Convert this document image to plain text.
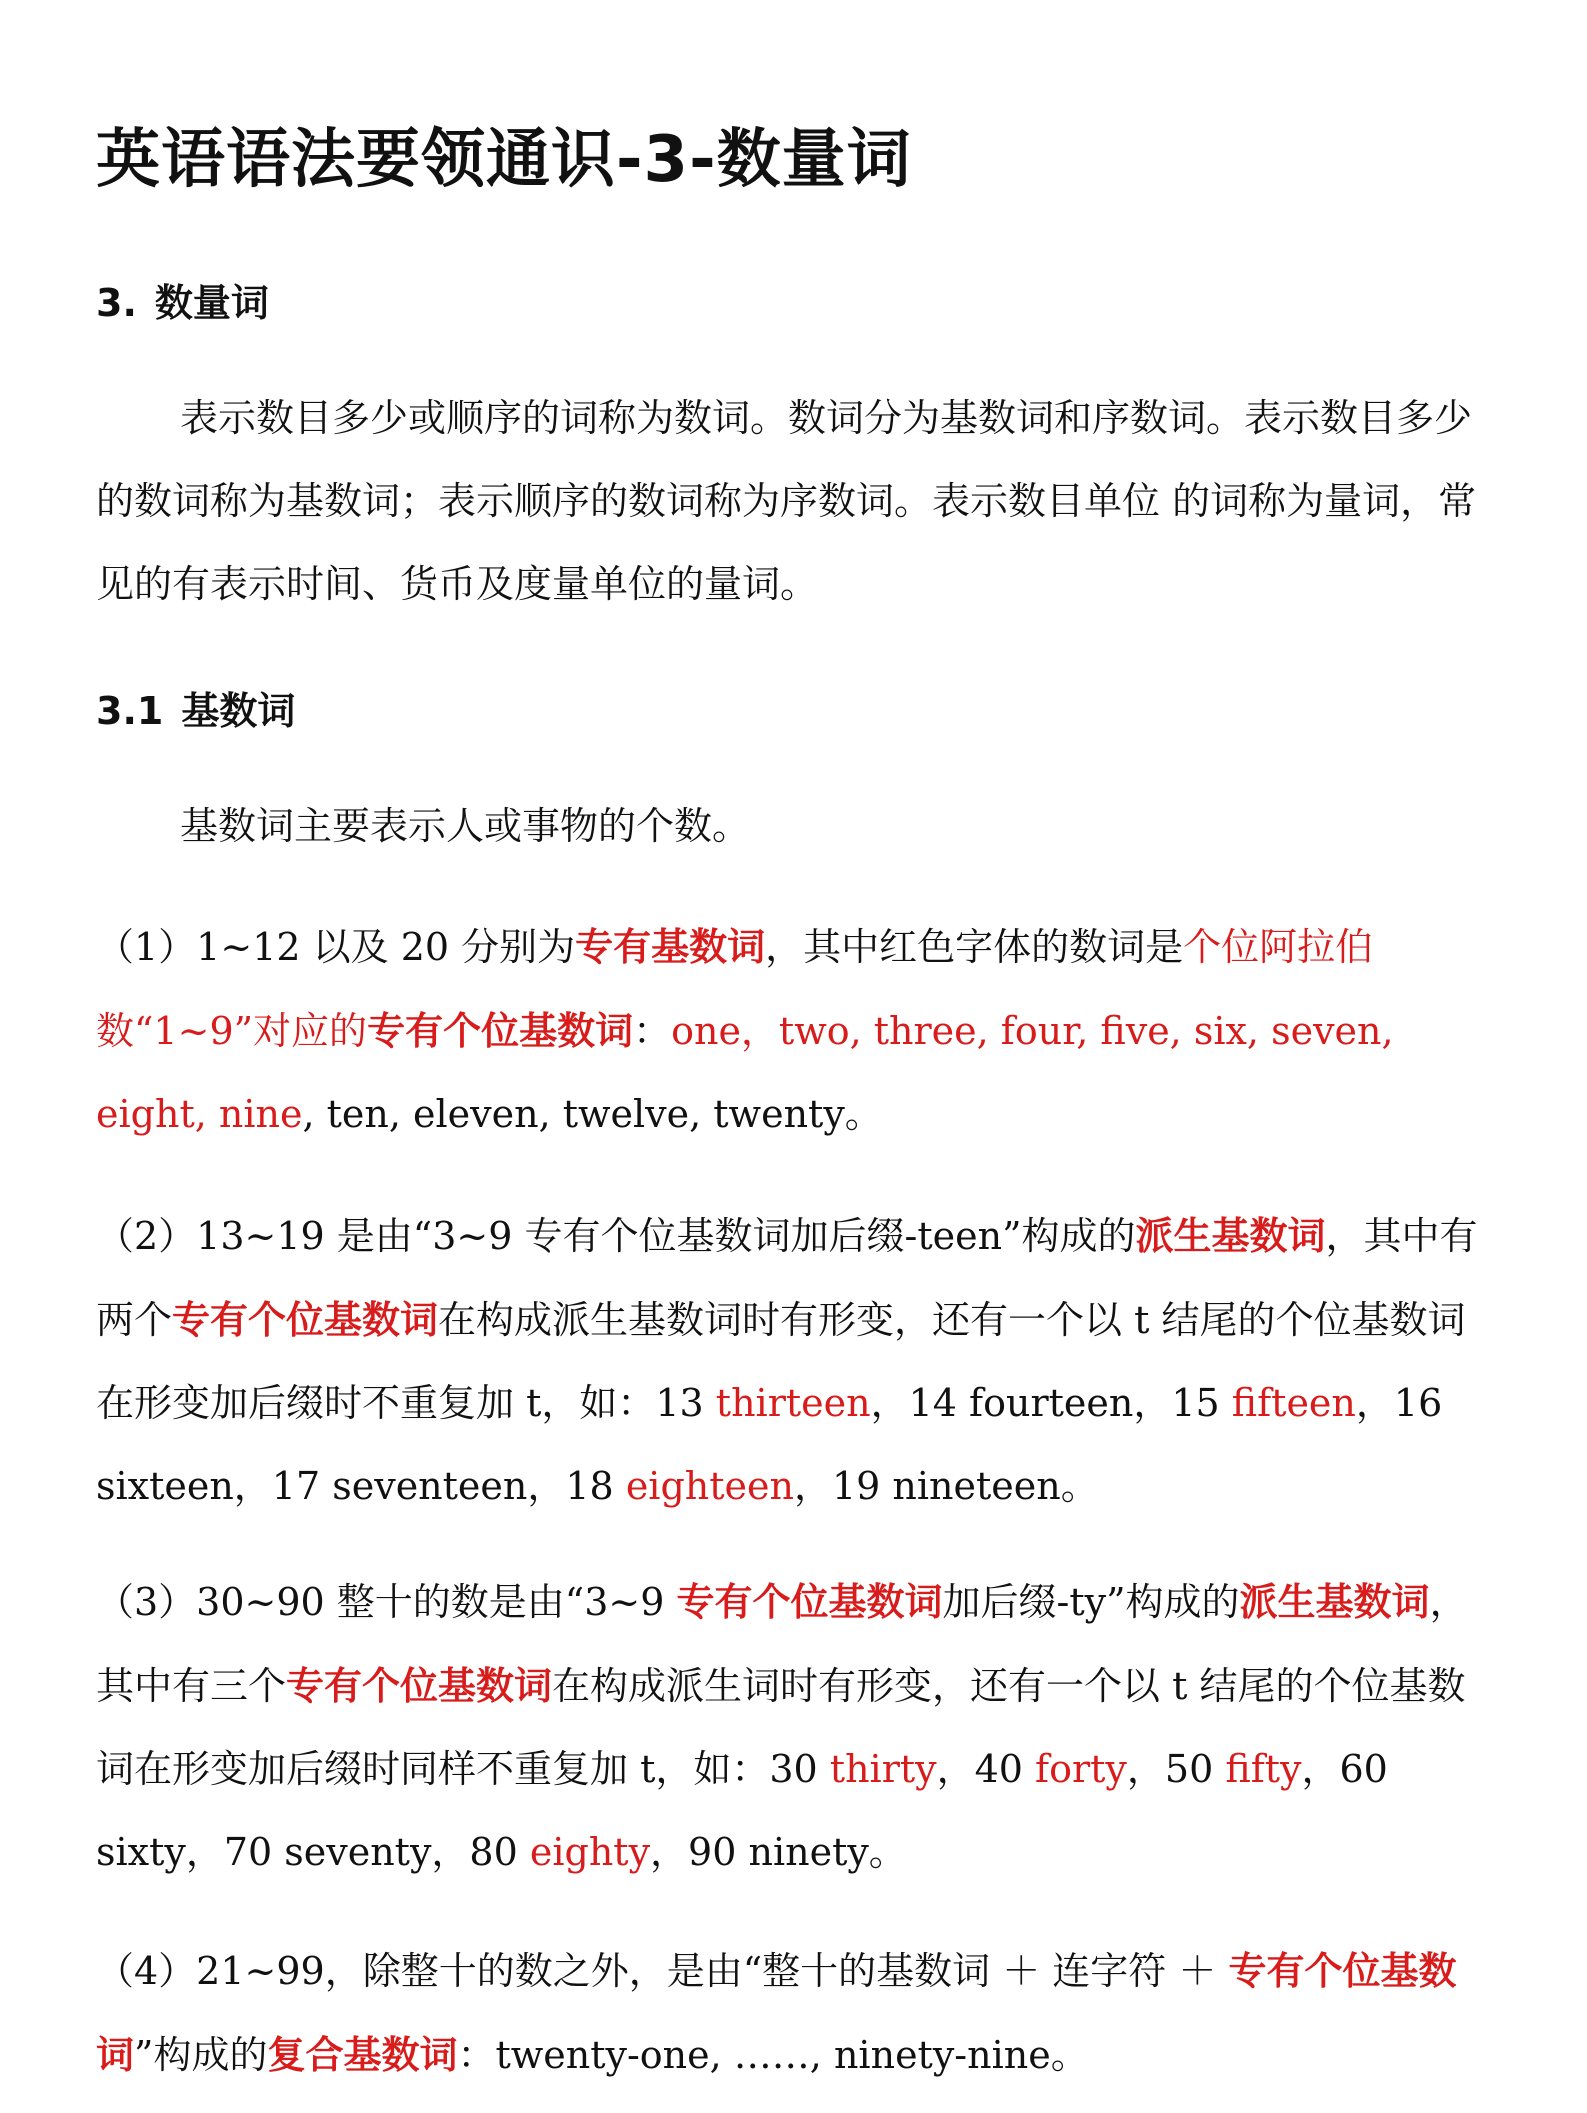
英语语法要领通识-3-数量词
3. 数量词

表示数目多少或顺序的词称为数词。数词分为基数词和序数词。表示数目多少的数词称为基数词；表示顺序的数词称为序数词。表示数目单位 的词称为量词，常见的有表示时间、货币及度量单位的量词。

3.1 基数词

基数词主要表示人或事物的个数。

（1）1~12 以及 20 分别为专有基数词，其中红色字体的数词是个位阿拉伯数“1~9”对应的专有个位基数词：one，two, three, four, five, six, seven, eight, nine, ten, eleven, twelve, twenty。

（2）13~19 是由“3~9 专有个位基数词加后缀-teen”构成的派生基数词，其中有两个专有个位基数词在构成派生基数词时有形变，还有一个以 t 结尾的个位基数词在形变加后缀时不重复加 t，如：13 thirteen，14 fourteen，15 fifteen，16 sixteen，17 seventeen，18 eighteen，19 nineteen。

（3）30~90 整十的数是由“3~9 专有个位基数词加后缀-ty”构成的派生基数词，其中有三个专有个位基数词在构成派生词时有形变，还有一个以 t 结尾的个位基数词在形变加后缀时同样不重复加 t，如：30 thirty，40 forty，50 fifty，60 sixty，70 seventy，80 eighty，90 ninety。

（4）21~99，除整十的数之外，是由“整十的基数词 ＋ 连字符 ＋ 专有个位基数词”构成的复合基数词：twenty-one, ……, ninety-nine。
